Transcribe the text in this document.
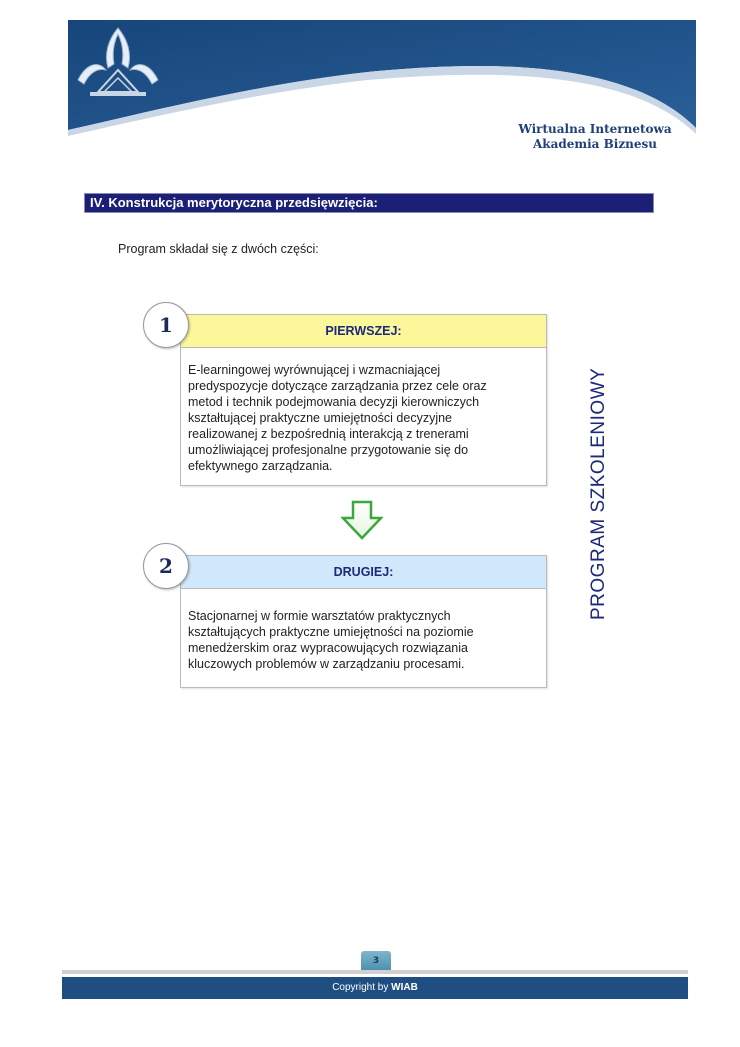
Wirtualna Internetowa
Akademia Biznesu
IV. Konstrukcja merytoryczna przedsięwzięcia:
Program składał się z dwóch części:
PIERWSZEJ:
E-learningowej wyrównującej i wzmacniającej
predyspozycje dotyczące zarządzania przez cele oraz
metod i technik podejmowania decyzji kierowniczych
kształtującej praktyczne umiejętności decyzyjne
realizowanej z bezpośrednią interakcją z trenerami
umożliwiającej profesjonalne przygotowanie się do
efektywnego zarządzania.
1
DRUGIEJ:
Stacjonarnej w formie warsztatów praktycznych
kształtujących praktyczne umiejętności na poziomie
menedżerskim oraz wypracowujących rozwiązania
kluczowych problemów w zarządzaniu procesami.
2	PROGRAM SZKOLENIOWY
3
Copyright by WIAB
